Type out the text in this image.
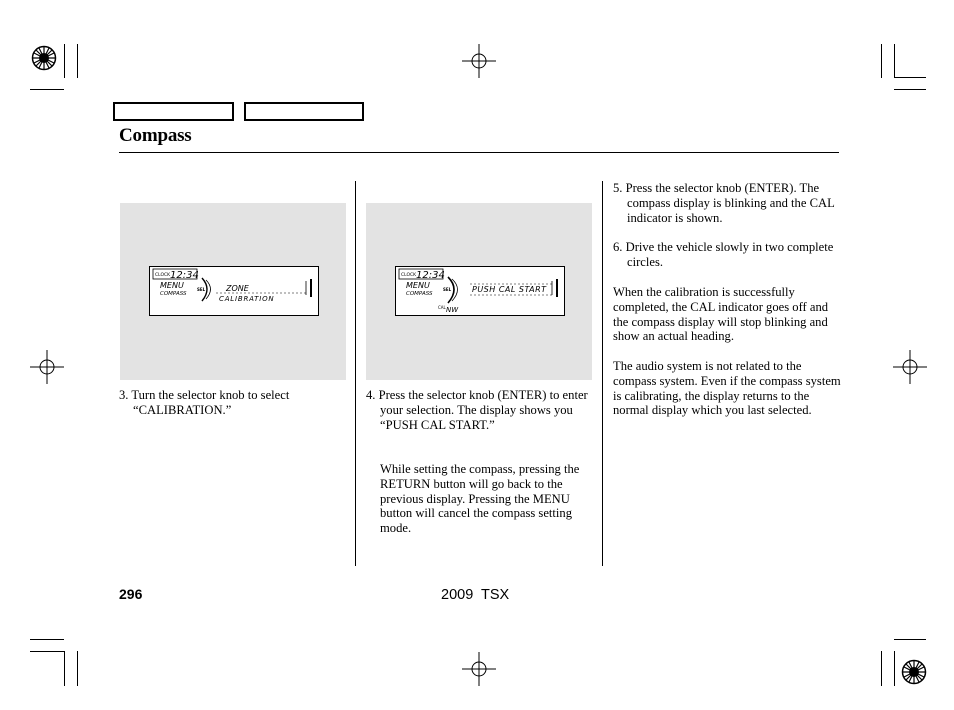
Compass
CLOCK 12:34
MENU
COMPASS
SEL	ZONE
CALIBRATION
CLOCK 12:34
MENU
COMPASS
SEL	PUSH CAL START
CAL NW

3. Turn the selector knob to select “CALIBRATION.”

4. Press the selector knob (ENTER) to enter your selection. The display shows you “PUSH CAL START.”

While setting the compass, pressing the RETURN button will go back to the previous display. Pressing the MENU button will cancel the compass setting mode.

5. Press the selector knob (ENTER). The compass display is blinking and the CAL indicator is shown.

6. Drive the vehicle slowly in two complete circles.

When the calibration is successfully completed, the CAL indicator goes off and the compass display will stop blinking and show an actual heading.

The audio system is not related to the compass system. Even if the compass system is calibrating, the display returns to the normal display which you last selected.

296	2009 TSX
